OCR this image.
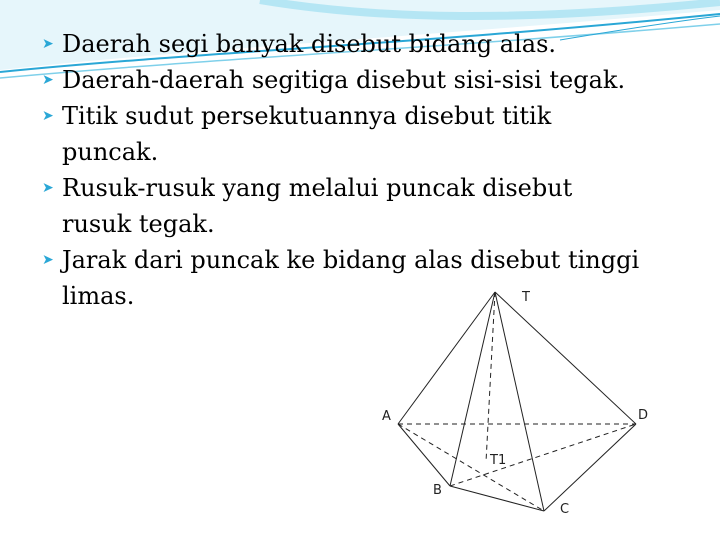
➤ Daerah segi banyak disebut bidang alas.
➤ Daerah-daerah segitiga disebut sisi-sisi tegak.
➤ Titik sudut persekutuannya disebut titik
puncak.
➤ Rusuk-rusuk yang melalui puncak disebut
rusuk tegak.
➤ Jarak dari puncak ke bidang alas disebut tinggi
limas.	T
A	D
T1
B
C
